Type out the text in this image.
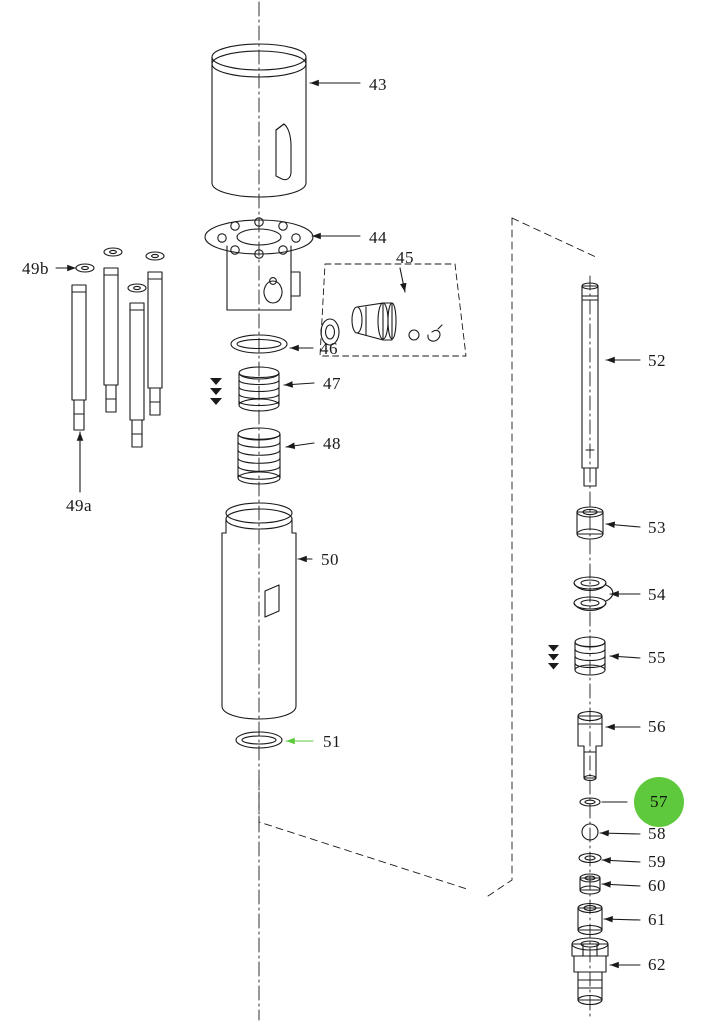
43
44
45
46
47
48
49a
49b
50
51
52
53
54
55
56
57
58
59
60
61
62
